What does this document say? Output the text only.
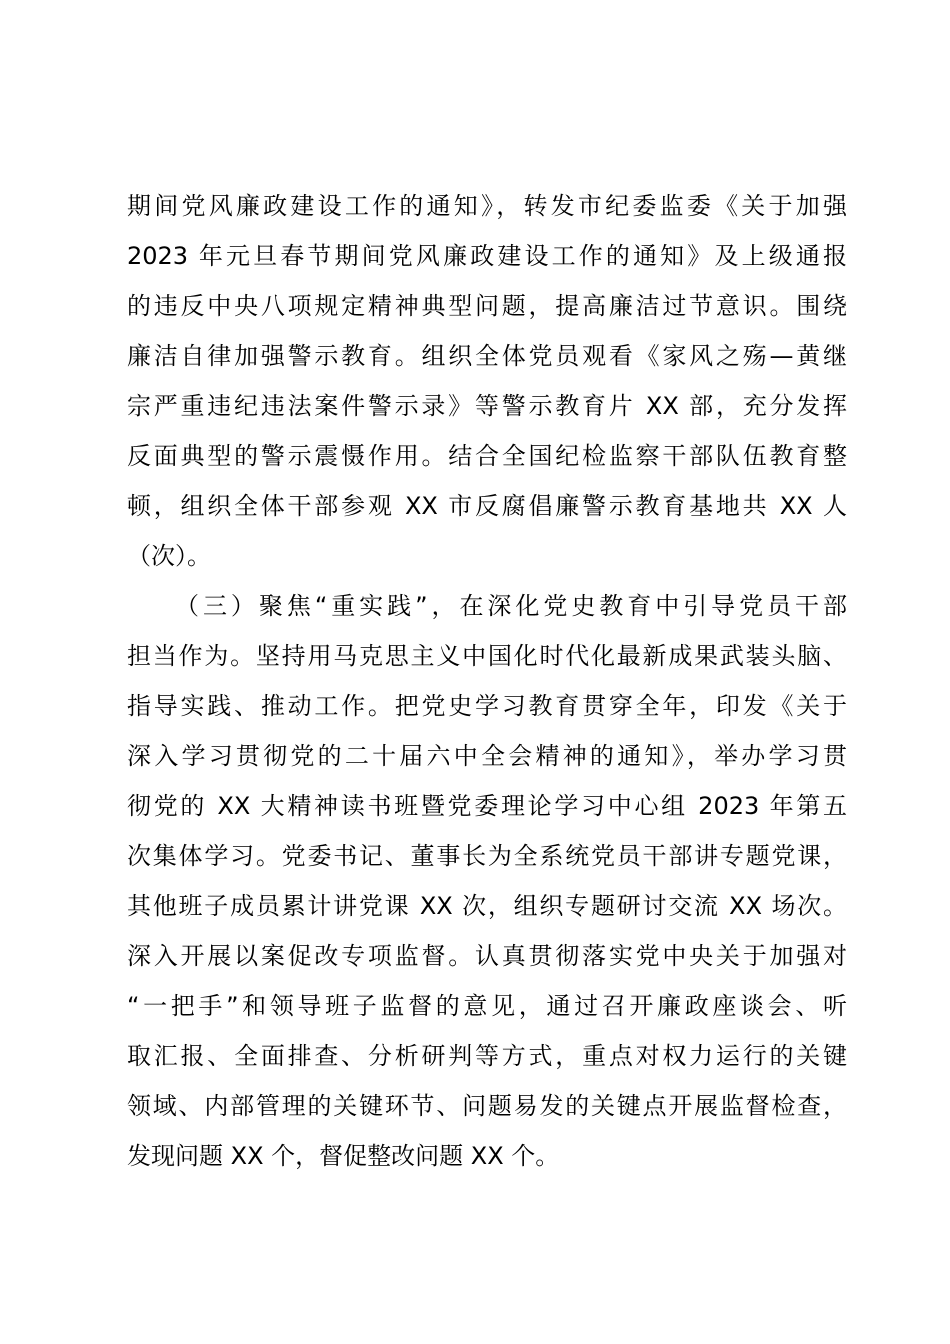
期间党风廉政建设工作的通知》，转发市纪委监委《关于加强
2023 年元旦春节期间党风廉政建设工作的通知》及上级通报
的违反中央八项规定精神典型问题，提高廉洁过节意识。围绕
廉洁自律加强警示教育。组织全体党员观看《家风之殇—黄继
宗严重违纪违法案件警示录》等警示教育片 XX 部，充分发挥
反面典型的警示震慑作用。结合全国纪检监察干部队伍教育整
顿，组织全体干部参观 XX 市反腐倡廉警示教育基地共 XX 人
（次）。
（三）聚焦“重实践”，在深化党史教育中引导党员干部
担当作为。坚持用马克思主义中国化时代化最新成果武装头脑、
指导实践、推动工作。把党史学习教育贯穿全年，印发《关于
深入学习贯彻党的二十届六中全会精神的通知》，举办学习贯
彻党的 XX 大精神读书班暨党委理论学习中心组 2023 年第五
次集体学习。党委书记、董事长为全系统党员干部讲专题党课，
其他班子成员累计讲党课 XX 次，组织专题研讨交流 XX 场次。
深入开展以案促改专项监督。认真贯彻落实党中央关于加强对
“一把手”和领导班子监督的意见，通过召开廉政座谈会、听
取汇报、全面排查、分析研判等方式，重点对权力运行的关键
领域、内部管理的关键环节、问题易发的关键点开展监督检查，
发现问题 XX 个，督促整改问题 XX 个。
